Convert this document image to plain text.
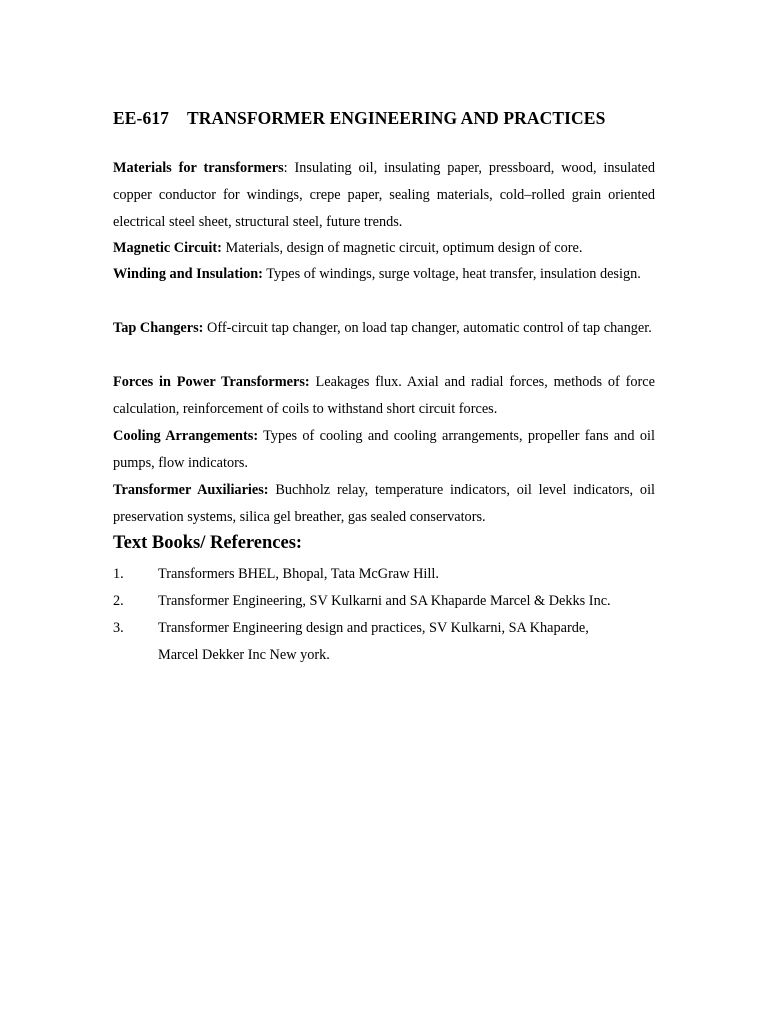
EE-617 TRANSFORMER ENGINEERING AND PRACTICES
Materials for transformers: Insulating oil, insulating paper, pressboard, wood, insulated copper conductor for windings, crepe paper, sealing materials, cold–rolled grain oriented electrical steel sheet, structural steel, future trends.
Magnetic Circuit: Materials, design of magnetic circuit, optimum design of core.
Winding and Insulation: Types of windings, surge voltage, heat transfer, insulation design.
Tap Changers: Off-circuit tap changer, on load tap changer, automatic control of tap changer.
Forces in Power Transformers: Leakages flux. Axial and radial forces, methods of force calculation, reinforcement of coils to withstand short circuit forces.
Cooling Arrangements: Types of cooling and cooling arrangements, propeller fans and oil pumps, flow indicators.
Transformer Auxiliaries: Buchholz relay, temperature indicators, oil level indicators, oil preservation systems, silica gel breather, gas sealed conservators.
Text Books/ References:
1. Transformers BHEL, Bhopal, Tata McGraw Hill.
2. Transformer Engineering, SV Kulkarni and SA Khaparde Marcel & Dekks Inc.
3. Transformer Engineering design and practices, SV Kulkarni, SA Khaparde,
Marcel Dekker Inc New york.
